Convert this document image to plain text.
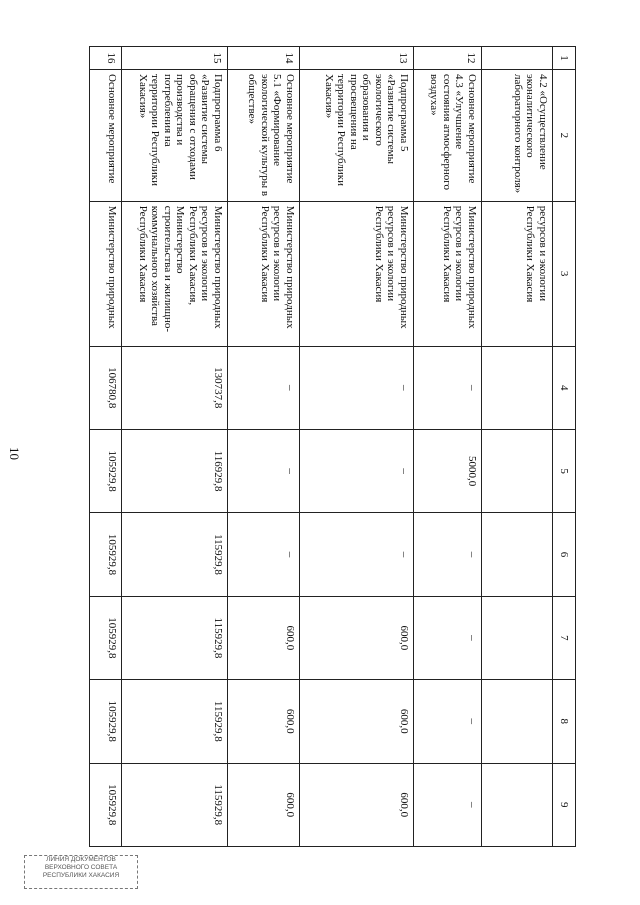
10
1	2	3	4	5	6	7	8	9
	4.2 «Осуществление эконалитического лабораторного контроля»	ресурсов и экологии Республики Хакасия						
12	Основное мероприятие 4.3 «Улучшение состояния атмосферного воздуха»	Министерство природных ресурсов и экологии Республики Хакасия	–	5000,0	–	–	–	–
13	Подпрограмма 5 «Развитие системы экологического образования и просвещения на территории Республики Хакасия»	Министерство природных ресурсов и экологии Республики Хакасия	–	–	–	600,0	600,0	600,0
14	Основное мероприятие 5.1 «Формирование экологической культуры в обществе»	Министерство природных ресурсов и экологии Республики Хакасия	–	–	–	600,0	600,0	600,0
15	Подпрограмма 6 «Развитие системы обращения с отходами производства и потребления на территории Республики Хакасия»	Министерство природных ресурсов и экологии Республики Хакасия, Министерство строительства и жилищно-коммунального хозяйства Республики Хакасия	130737,8	116929,8	115929,8	115929,8	115929,8	115929,8
16	Основное мероприятие	Министерство природных	106780,8	105929,8	105929,8	105929,8	105929,8	105929,8
ЛИНИЯ ДОКУМЕНТОВ
ВЕРХОВНОГО СОВЕТА
РЕСПУБЛИКИ ХАКАСИЯ
